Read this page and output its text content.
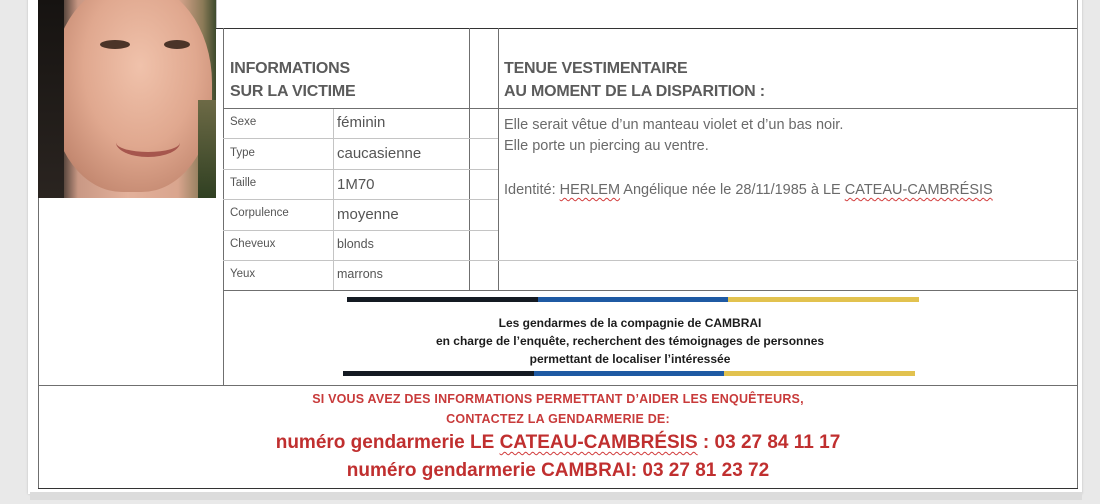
INFORMATIONS
SUR LA VICTIME
TENUE VESTIMENTAIRE
AU MOMENT DE LA DISPARITION :
Sexe	féminin
Type	caucasienne
Taille	1M70
Corpulence	moyenne
Cheveux	blonds
Yeux	marrons
Elle serait vêtue d’un manteau violet et d’un bas noir.
Elle porte un piercing au ventre.
Identité: HERLEM Angélique née le 28/11/1985 à LE CATEAU-CAMBRÉSIS
Les gendarmes de la compagnie de CAMBRAI
en charge de l’enquête, recherchent des témoignages de personnes
permettant de localiser l’intéressée
SI VOUS AVEZ DES INFORMATIONS PERMETTANT D’AIDER LES ENQUÊTEURS,
CONTACTEZ LA GENDARMERIE DE:
numéro gendarmerie LE CATEAU-CAMBRÉSIS : 03 27 84 11 17
numéro gendarmerie CAMBRAI: 03 27 81 23 72
